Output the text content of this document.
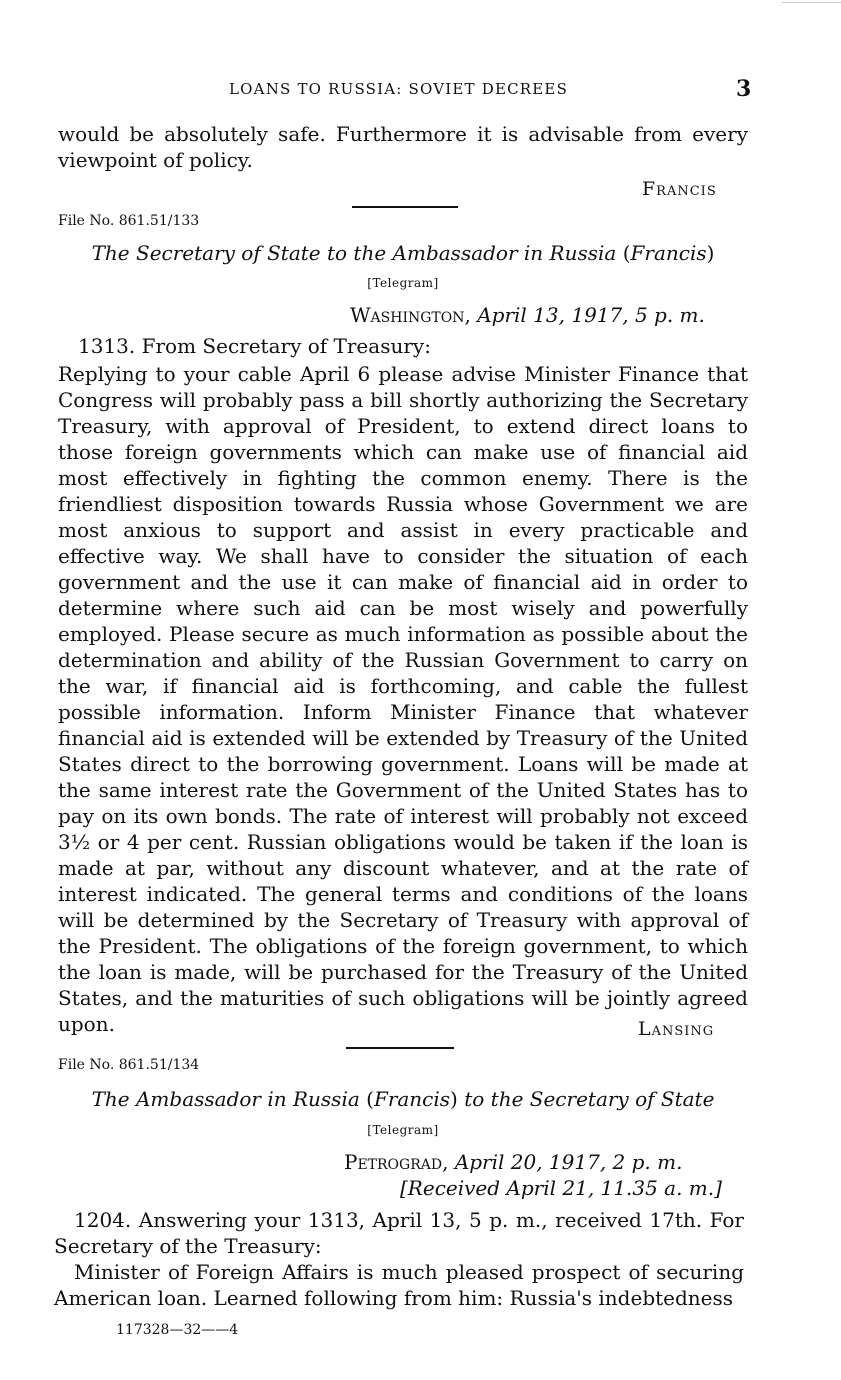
LOANS TO RUSSIA: SOVIET DECREES	3

would be absolutely safe. Furthermore it is advisable from every viewpoint of policy.

Francis
File No. 861.51/133
The Secretary of State to the Ambassador in Russia (Francis)
[Telegram]
Washington, April 13, 1917, 5 p. m.

1313. From Secretary of Treasury:

Replying to your cable April 6 please advise Minister Finance that Congress will probably pass a bill shortly authorizing the Secretary Treasury, with approval of President, to extend direct loans to those foreign governments which can make use of financial aid most effectively in fighting the common enemy. There is the friendliest disposition towards Russia whose Government we are most anxious to support and assist in every practicable and effective way. We shall have to consider the situation of each government and the use it can make of financial aid in order to determine where such aid can be most wisely and powerfully employed. Please secure as much information as possible about the determination and ability of the Russian Government to carry on the war, if financial aid is forthcoming, and cable the fullest possible information. Inform Minister Finance that whatever financial aid is extended will be extended by Treasury of the United States direct to the borrowing government. Loans will be made at the same interest rate the Government of the United States has to pay on its own bonds. The rate of interest will probably not exceed 3½ or 4 per cent. Russian obligations would be taken if the loan is made at par, without any discount whatever, and at the rate of interest indicated. The general terms and conditions of the loans will be determined by the Secretary of Treasury with approval of the President. The obligations of the foreign government, to which the loan is made, will be purchased for the Treasury of the United States, and the maturities of such obligations will be jointly agreed upon.	Lansing
File No. 861.51/134
The Ambassador in Russia (Francis) to the Secretary of State
[Telegram]
Petrograd, April 20, 1917, 2 p. m.
[Received April 21, 11.35 a. m.]

1204. Answering your 1313, April 13, 5 p. m., received 17th. For Secretary of the Treasury:

Minister of Foreign Affairs is much pleased prospect of securing American loan. Learned following from him: Russia's indebtedness

117328—32——4
